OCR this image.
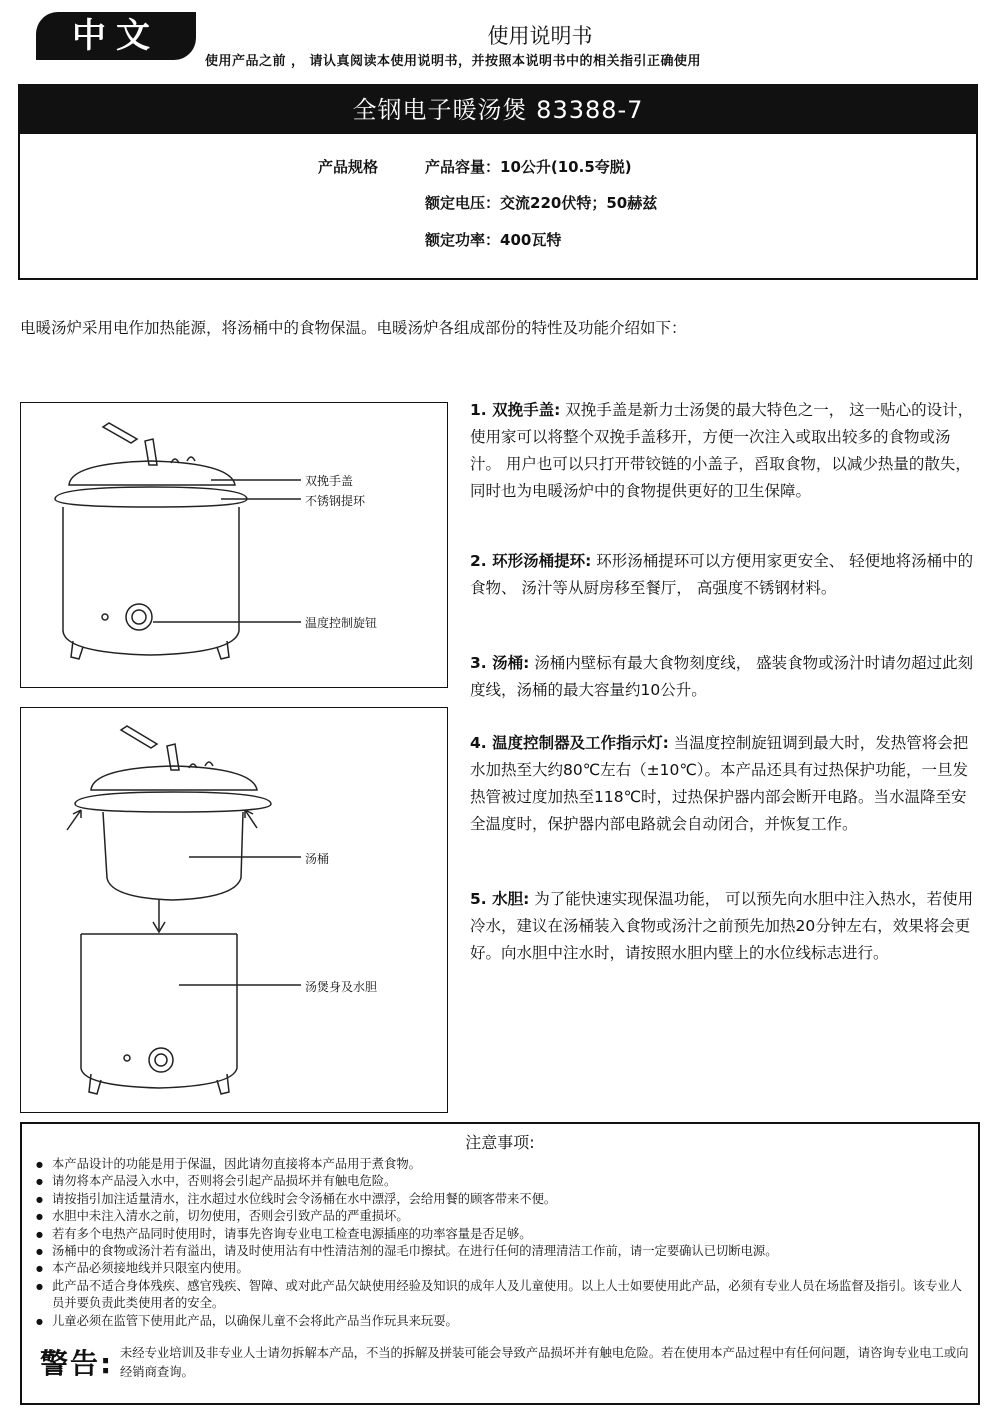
中文	使用说明书
使用产品之前 ， 请认真阅读本使用说明书，并按照本说明书中的相关指引正确使用
全钢电子暖汤煲 83388-7
产品规格	产品容量：10公升(10.5夸脱)
额定电压：交流220伏特；50赫兹
额定功率：400瓦特
电暖汤炉采用电作加热能源，将汤桶中的食物保温。电暖汤炉各组成部份的特性及功能介绍如下：
双挽手盖
不锈钢提环
温度控制旋钮
汤桶
汤煲身及水胆
1. 双挽手盖: 双挽手盖是新力士汤煲的最大特色之一， 这一贴心的设计，使用家可以将整个双挽手盖移开，方便一次注入或取出较多的食物或汤汁。 用户也可以只打开带铰链的小盖子，舀取食物，以减少热量的散失，同时也为电暖汤炉中的食物提供更好的卫生保障。
2. 环形汤桶提环: 环形汤桶提环可以方便用家更安全、 轻便地将汤桶中的食物、 汤汁等从厨房移至餐厅， 高强度不锈钢材料。
3. 汤桶: 汤桶内壁标有最大食物刻度线， 盛装食物或汤汁时请勿超过此刻度线，汤桶的最大容量约10公升。
4. 温度控制器及工作指示灯: 当温度控制旋钮调到最大时，发热管将会把水加热至大约80℃左右（±10℃）。本产品还具有过热保护功能，一旦发热管被过度加热至118℃时，过热保护器内部会断开电路。当水温降至安全温度时，保护器内部电路就会自动闭合，并恢复工作。
5. 水胆: 为了能快速实现保温功能， 可以预先向水胆中注入热水，若使用冷水，建议在汤桶装入食物或汤汁之前预先加热20分钟左右，效果将会更好。向水胆中注水时，请按照水胆内壁上的水位线标志进行。
注意事项:
● 本产品设计的功能是用于保温，因此请勿直接将本产品用于煮食物。
● 请勿将本产品浸入水中，否则将会引起产品损坏并有触电危险。
● 请按指引加注适量清水，注水超过水位线时会令汤桶在水中漂浮，会给用餐的顾客带来不便。
● 水胆中未注入清水之前，切勿使用，否则会引致产品的严重损坏。
● 若有多个电热产品同时使用时，请事先咨询专业电工检查电源插座的功率容量是否足够。
● 汤桶中的食物或汤汁若有溢出，请及时使用沾有中性清洁剂的湿毛巾擦拭。在进行任何的清理清洁工作前，请一定要确认已切断电源。
● 本产品必须接地线并只限室内使用。
● 此产品不适合身体残疾、感官残疾、智障、或对此产品欠缺使用经验及知识的成年人及儿童使用。以上人士如要使用此产品，必须有专业人员在场监督及指引。该专业人员并要负责此类使用者的安全。
● 儿童必须在监管下使用此产品，以确保儿童不会将此产品当作玩具来玩耍。
警告: 未经专业培训及非专业人士请勿拆解本产品，不当的拆解及拼装可能会导致产品损坏并有触电危险。若在使用本产品过程中有任何问题，请咨询专业电工或向经销商查询。
